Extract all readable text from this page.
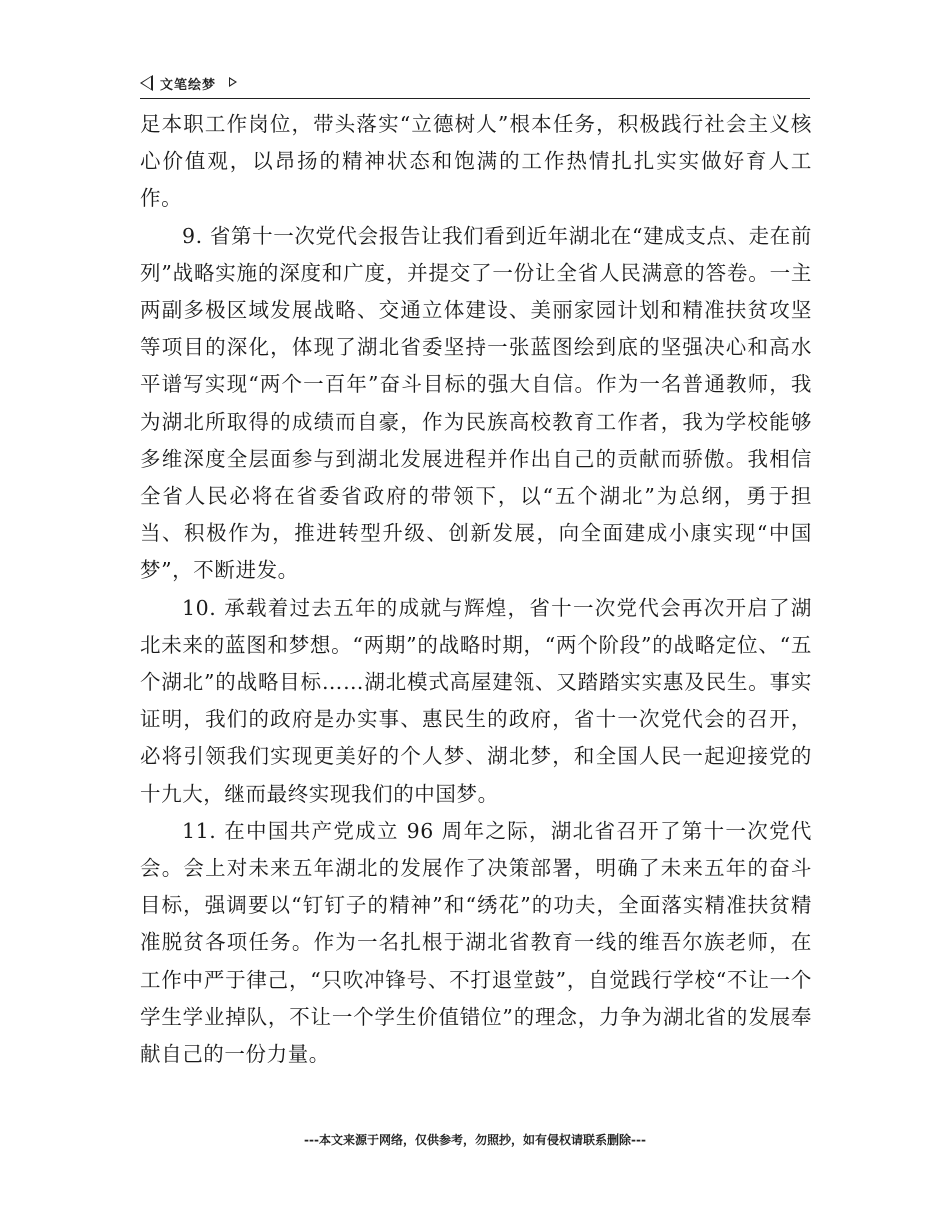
文笔绘梦

足本职工作岗位，带头落实“立德树人”根本任务，积极践行社会主义核心价值观，以昂扬的精神状态和饱满的工作热情扎扎实实做好育人工作。

9. 省第十一次党代会报告让我们看到近年湖北在“建成支点、走在前列”战略实施的深度和广度，并提交了一份让全省人民满意的答卷。一主两副多极区域发展战略、交通立体建设、美丽家园计划和精准扶贫攻坚等项目的深化，体现了湖北省委坚持一张蓝图绘到底的坚强决心和高水平谱写实现“两个一百年”奋斗目标的强大自信。作为一名普通教师，我为湖北所取得的成绩而自豪，作为民族高校教育工作者，我为学校能够多维深度全层面参与到湖北发展进程并作出自己的贡献而骄傲。我相信全省人民必将在省委省政府的带领下，以“五个湖北”为总纲，勇于担当、积极作为，推进转型升级、创新发展，向全面建成小康实现“中国梦”，不断进发。

10. 承载着过去五年的成就与辉煌，省十一次党代会再次开启了湖北未来的蓝图和梦想。“两期”的战略时期，“两个阶段”的战略定位、“五个湖北”的战略目标……湖北模式高屋建瓴、又踏踏实实惠及民生。事实证明，我们的政府是办实事、惠民生的政府，省十一次党代会的召开，必将引领我们实现更美好的个人梦、湖北梦，和全国人民一起迎接党的十九大，继而最终实现我们的中国梦。

11. 在中国共产党成立 96 周年之际，湖北省召开了第十一次党代会。会上对未来五年湖北的发展作了决策部署，明确了未来五年的奋斗目标，强调要以“钉钉子的精神”和“绣花”的功夫，全面落实精准扶贫精准脱贫各项任务。作为一名扎根于湖北省教育一线的维吾尔族老师，在工作中严于律己，“只吹冲锋号、不打退堂鼓”，自觉践行学校“不让一个学生学业掉队，不让一个学生价值错位”的理念，力争为湖北省的发展奉献自己的一份力量。

---本文来源于网络，仅供参考，勿照抄，如有侵权请联系删除---
